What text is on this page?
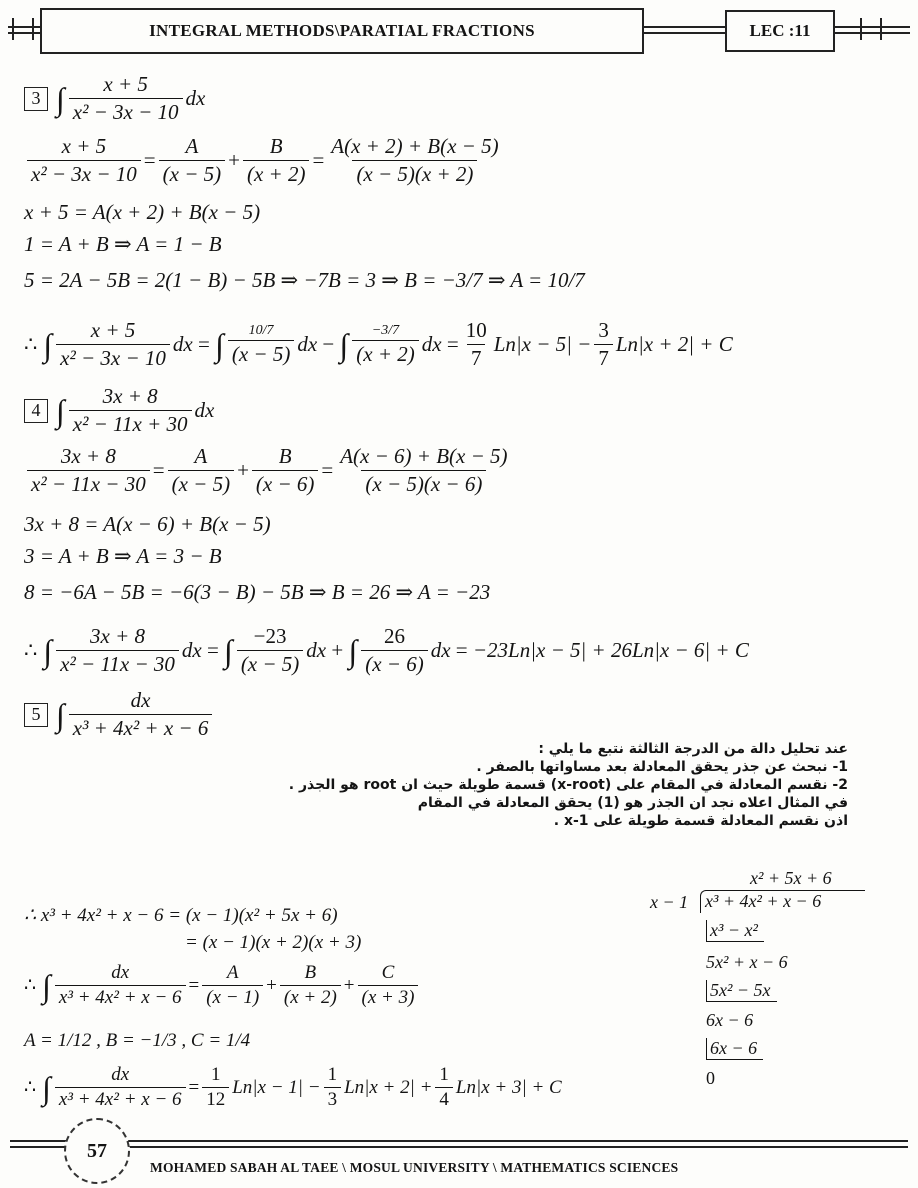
INTEGRAL METHODS\PARATIAL FRACTIONS	LEC :11
3 ∫ $\frac{x + 5}{\text{x² − 3x − 10}}$ dx
$\frac{x + 5}{\text{x² − 3x − 10}} = \frac{A}{(x - 5)} + \frac{B}{(x + 2)} = \frac{A(x + 2) + B(x - 5)}{(x - 5)(x + 2)}$
x + 5 = A(x + 2) + B(x − 5)
1 = A + B ⇒ A = 1 − B
5 = 2A − 5B = 2(1 − B) − 5B ⇒ −7B = 3 ⇒ B = −3/7 ⇒ A = 10/7
∴ ∫ $\frac{x + 5}{\text{x² − 3x − 10}}$ dx = ∫ $\frac{10/7}{(x - 5)}$ dx − ∫ $\frac{-3/7}{(x + 2)}$ dx = $\frac{10}{7} Ln|x - 5| - \frac{3}{7} Ln|x + 2| + C$
4 ∫ $\frac{3x + 8}{\text{x² − 11x + 30}}$ dx
$\frac{3x + 8}{\text{x² − 11x − 30}} = \frac{A}{(x - 5)} + \frac{B}{(x - 6)} = \frac{A(x - 6) + B(x - 5)}{(x - 5)(x - 6)}$
3x + 8 = A(x − 6) + B(x − 5)
3 = A + B ⇒ A = 3 − B
8 = −6A − 5B = −6(3 − B) − 5B ⇒ B = 26 ⇒ A = −23
∴ ∫ $\frac{3x + 8}{\text{x² − 11x − 30}}$ dx = ∫ $\frac{-23}{(x - 5)}$ dx + ∫ $\frac{26}{(x - 6)}$ dx = −23Ln|x − 5| + 26Ln|x − 6| + C
5 ∫ $\frac{dx}{\text{x³ + 4x² + x − 6}}$
عند تحليل دالة من الدرجة الثالثة نتبع ما يلي :
1- نبحث عن جذر يحقق المعادلة بعد مساواتها بالصفر .
2- نقسم المعادلة في المقام على (x-root) قسمة طويلة حيث ان root هو الجذر .
في المثال اعلاه نجد ان الجذر هو (1) يحقق المعادلة في المقام
اذن نقسم المعادلة قسمة طويلة على x-1 .
∴ x³ + 4x² + x − 6 = (x − 1)(x² + 5x + 6)
= (x − 1)(x + 2)(x + 3)
∴ ∫ $\frac{dx}{\text{x³ + 4x² + x − 6}} = \frac{A}{(x - 1)} + \frac{B}{(x + 2)} + \frac{C}{(x + 3)}$
A = 1/12 , B = −1/3 , C = 1/4
∴ ∫ $\frac{dx}{\text{x³ + 4x² + x − 6}} = \frac{1}{12} Ln|x - 1| - \frac{1}{3} Ln|x + 2| + \frac{1}{4} Ln|x + 3| + C$
x² + 5x + 6
x − 1 x³ + 4x² + x − 6
x³ − x²
5x² + x − 6
5x² − 5x
6x − 6
6x − 6
0
57
MOHAMED SABAH AL TAEE \ MOSUL UNIVERSITY \ MATHEMATICS SCIENCES
